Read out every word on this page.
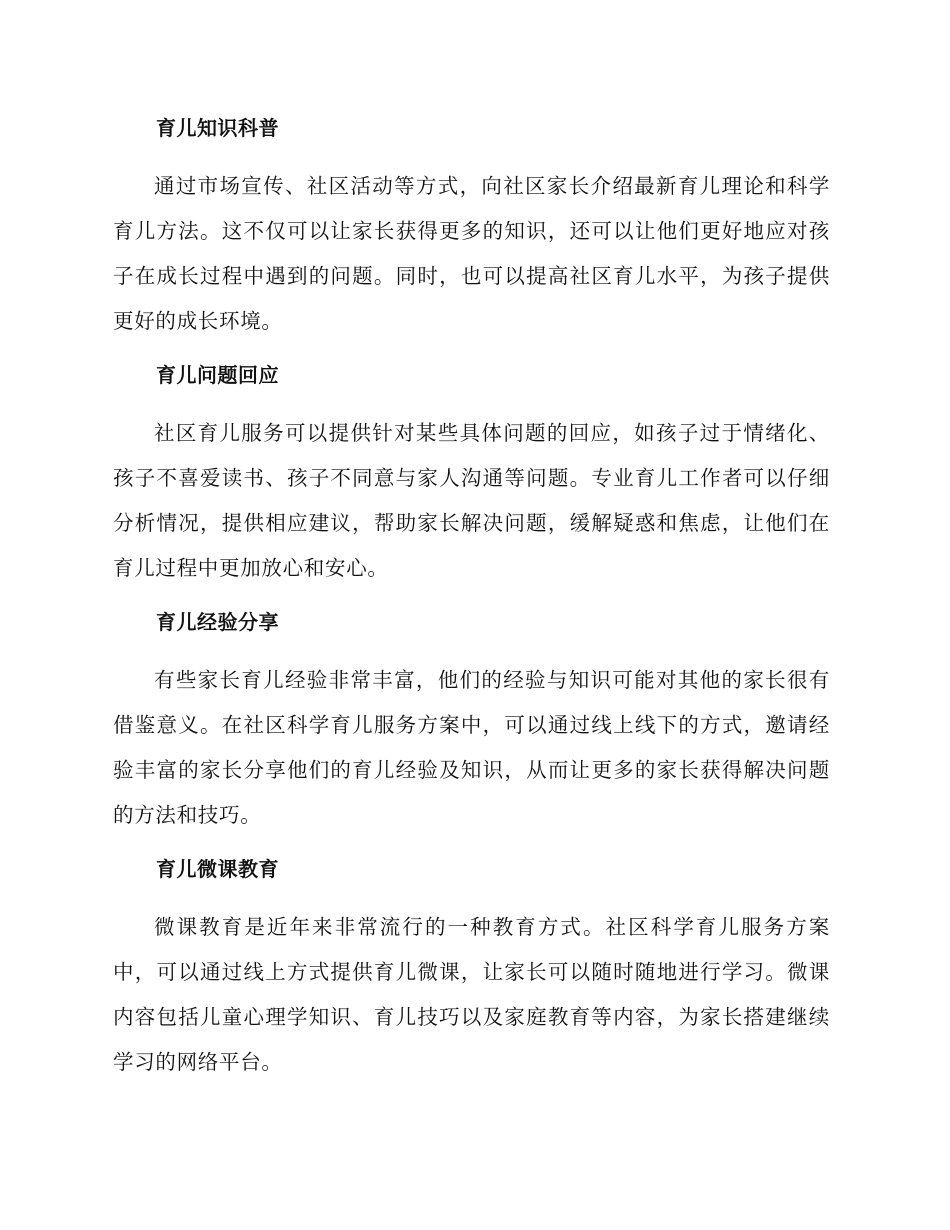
育儿知识科普

通过市场宣传、社区活动等方式，向社区家长介绍最新育儿理论和科学育儿方法。这不仅可以让家长获得更多的知识，还可以让他们更好地应对孩子在成长过程中遇到的问题。同时，也可以提高社区育儿水平，为孩子提供更好的成长环境。

育儿问题回应

社区育儿服务可以提供针对某些具体问题的回应，如孩子过于情绪化、孩子不喜爱读书、孩子不同意与家人沟通等问题。专业育儿工作者可以仔细分析情况，提供相应建议，帮助家长解决问题，缓解疑惑和焦虑，让他们在育儿过程中更加放心和安心。

育儿经验分享

有些家长育儿经验非常丰富，他们的经验与知识可能对其他的家长很有借鉴意义。在社区科学育儿服务方案中，可以通过线上线下的方式，邀请经验丰富的家长分享他们的育儿经验及知识，从而让更多的家长获得解决问题的方法和技巧。

育儿微课教育

微课教育是近年来非常流行的一种教育方式。社区科学育儿服务方案中，可以通过线上方式提供育儿微课，让家长可以随时随地进行学习。微课内容包括儿童心理学知识、育儿技巧以及家庭教育等内容，为家长搭建继续学习的网络平台。
